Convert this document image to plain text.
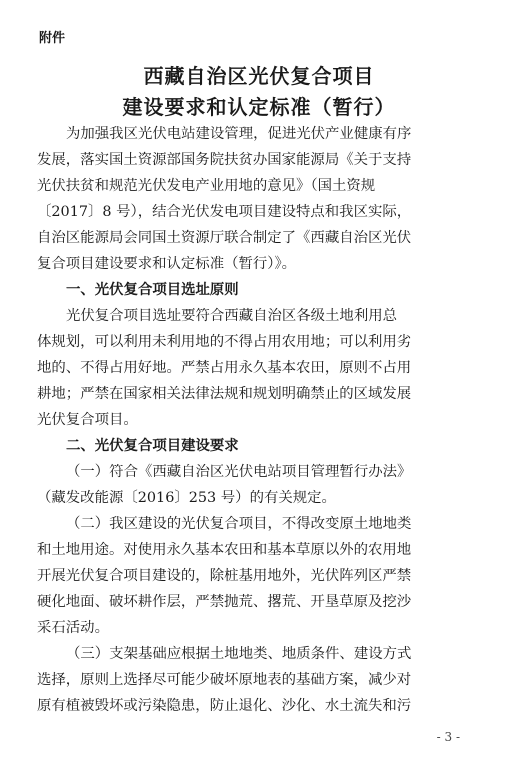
附件
西藏自治区光伏复合项目
建设要求和认定标准（暂行）
为加强我区光伏电站建设管理，促进光伏产业健康有序
发展，落实国土资源部国务院扶贫办国家能源局《关于支持
光伏扶贫和规范光伏发电产业用地的意见》（国土资规
〔2017〕8 号），结合光伏发电项目建设特点和我区实际，
自治区能源局会同国土资源厅联合制定了《西藏自治区光伏
复合项目建设要求和认定标准（暂行）》。
一、光伏复合项目选址原则
光伏复合项目选址要符合西藏自治区各级土地利用总
体规划，可以利用未利用地的不得占用农用地；可以利用劣
地的、不得占用好地。严禁占用永久基本农田，原则不占用
耕地；严禁在国家相关法律法规和规划明确禁止的区域发展
光伏复合项目。
二、光伏复合项目建设要求
（一）符合《西藏自治区光伏电站项目管理暂行办法》
（藏发改能源〔2016〕253 号）的有关规定。
（二）我区建设的光伏复合项目，不得改变原土地地类
和土地用途。对使用永久基本农田和基本草原以外的农用地
开展光伏复合项目建设的，除桩基用地外，光伏阵列区严禁
硬化地面、破坏耕作层，严禁抛荒、撂荒、开垦草原及挖沙
采石活动。
（三）支架基础应根据土地地类、地质条件、建设方式
选择，原则上选择尽可能少破坏原地表的基础方案，减少对
原有植被毁坏或污染隐患，防止退化、沙化、水土流失和污
- 3 -
